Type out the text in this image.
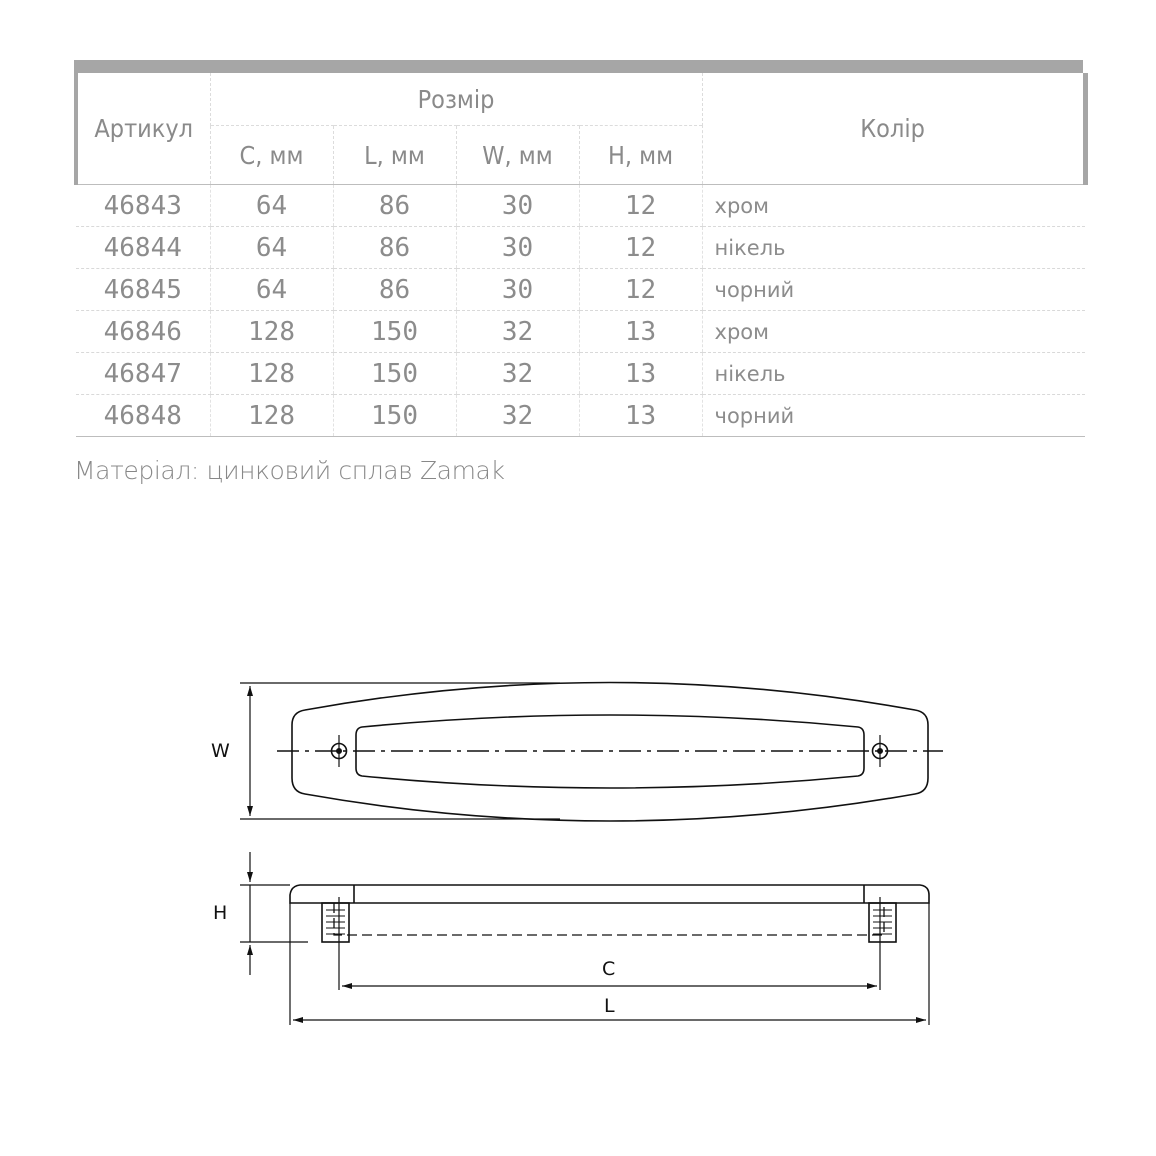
Артикул	Розмір				Колір
	C, мм	L, мм	W, мм	H, мм	
46843	64	86	30	12	хром
46844	64	86	30	12	нікель
46845	64	86	30	12	чорний
46846	128	150	32	13	хром
46847	128	150	32	13	нікель
46848	128	150	32	13	чорний
Матеріал: цинковий сплав Zamak
W
H
C
L
